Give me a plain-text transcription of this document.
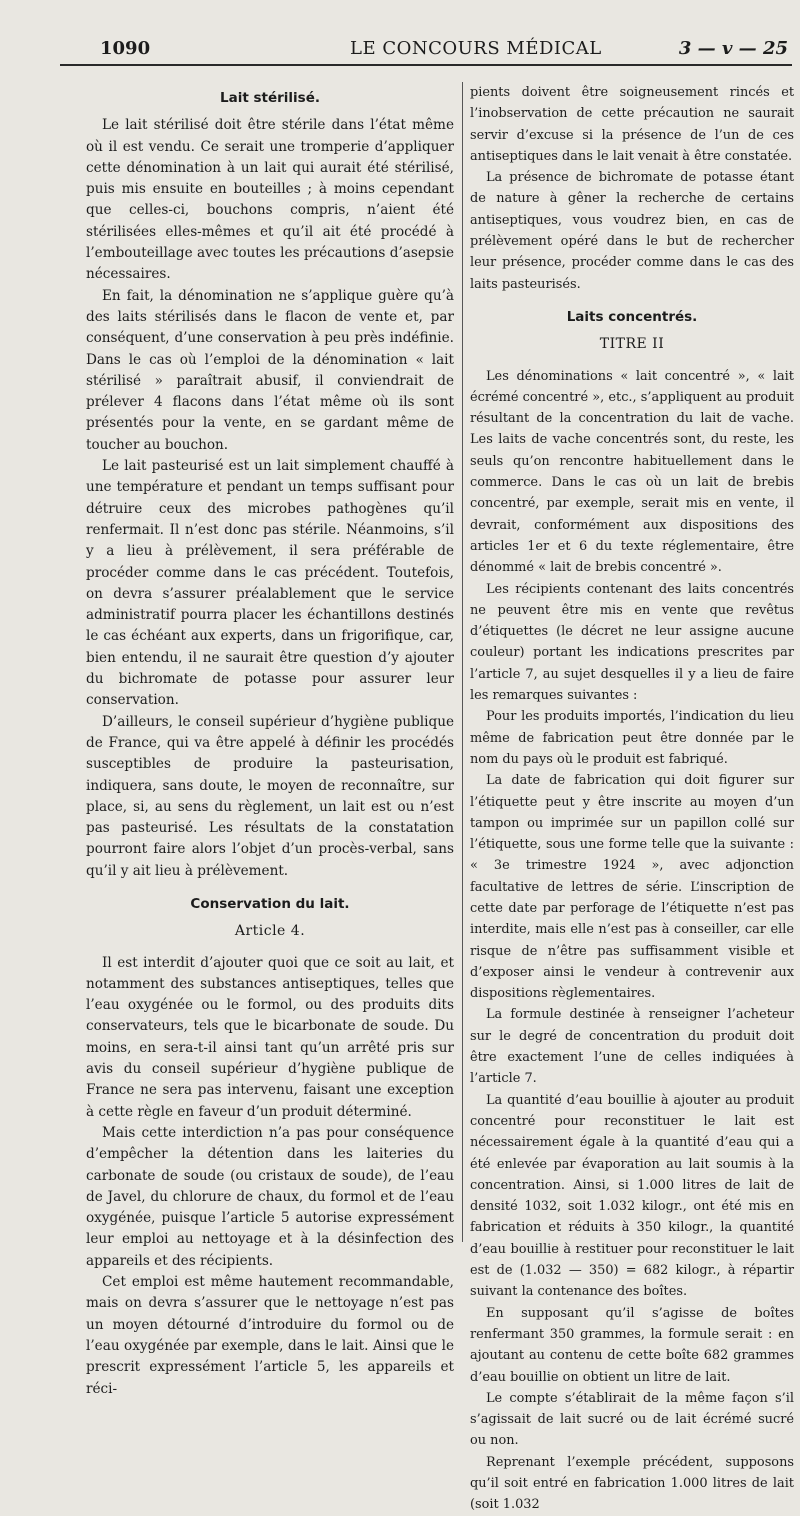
1090	LE CONCOURS MÉDICAL	3 — v — 25
Lait stérilisé.

Le lait stérilisé doit être stérile dans l’état même où il est vendu. Ce serait une tromperie d’appliquer cette dénomination à un lait qui aurait été stérilisé, puis mis ensuite en bouteilles ; à moins cependant que celles-ci, bouchons compris, n’aient été stérilisées elles-mêmes et qu’il ait été procédé à l’embouteillage avec toutes les précautions d’asepsie nécessaires.

En fait, la dénomination ne s’applique guère qu’à des laits stérilisés dans le flacon de vente et, par conséquent, d’une conservation à peu près indéfinie. Dans le cas où l’emploi de la dénomination « lait stérilisé » paraîtrait abusif, il conviendrait de prélever 4 flacons dans l’état même où ils sont présentés pour la vente, en se gardant même de toucher au bouchon.

Le lait pasteurisé est un lait simplement chauffé à une température et pendant un temps suffisant pour détruire ceux des microbes pathogènes qu’il renfermait. Il n’est donc pas stérile. Néanmoins, s’il y a lieu à prélèvement, il sera préférable de procéder comme dans le cas précédent. Toutefois, on devra s’assurer préalablement que le service administratif pourra placer les échantillons destinés le cas échéant aux experts, dans un frigorifique, car, bien entendu, il ne saurait être question d’y ajouter du bichromate de potasse pour assurer leur conservation.

D’ailleurs, le conseil supérieur d’hygiène publique de France, qui va être appelé à définir les procédés susceptibles de produire la pasteurisation, indiquera, sans doute, le moyen de reconnaître, sur place, si, au sens du règlement, un lait est ou n’est pas pasteurisé. Les résultats de la constatation pourront faire alors l’objet d’un procès-verbal, sans qu’il y ait lieu à prélèvement.

Conservation du lait.
Article 4.

Il est interdit d’ajouter quoi que ce soit au lait, et notamment des substances antiseptiques, telles que l’eau oxygénée ou le formol, ou des produits dits conservateurs, tels que le bicarbonate de soude. Du moins, en sera-t-il ainsi tant qu’un arrêté pris sur avis du conseil supérieur d’hygiène publique de France ne sera pas intervenu, faisant une exception à cette règle en faveur d’un produit déterminé.

Mais cette interdiction n’a pas pour conséquence d’empêcher la détention dans les laiteries du carbonate de soude (ou cristaux de soude), de l’eau de Javel, du chlorure de chaux, du formol et de l’eau oxygénée, puisque l’article 5 autorise expressément leur emploi au nettoyage et à la désinfection des appareils et des récipients.

Cet emploi est même hautement recommandable, mais on devra s’assurer que le nettoyage n’est pas un moyen détourné d’introduire du formol ou de l’eau oxygénée par exemple, dans le lait. Ainsi que le prescrit expressément l’article 5, les appareils et réci-

pients doivent être soigneusement rincés et l’inobservation de cette précaution ne saurait servir d’excuse si la présence de l’un de ces antiseptiques dans le lait venait à être constatée.

La présence de bichromate de potasse étant de nature à gêner la recherche de certains antiseptiques, vous voudrez bien, en cas de prélèvement opéré dans le but de rechercher leur présence, procéder comme dans le cas des laits pasteurisés.

Laits concentrés.
TITRE II

Les dénominations « lait concentré », « lait écrémé concentré », etc., s’appliquent au produit résultant de la concentration du lait de vache. Les laits de vache concentrés sont, du reste, les seuls qu’on rencontre habituellement dans le commerce. Dans le cas où un lait de brebis concentré, par exemple, serait mis en vente, il devrait, conformément aux dispositions des articles 1er et 6 du texte réglementaire, être dénommé « lait de brebis concentré ».

Les récipients contenant des laits concentrés ne peuvent être mis en vente que revêtus d’étiquettes (le décret ne leur assigne aucune couleur) portant les indications prescrites par l’article 7, au sujet desquelles il y a lieu de faire les remarques suivantes :

Pour les produits importés, l’indication du lieu même de fabrication peut être donnée par le nom du pays où le produit est fabriqué.

La date de fabrication qui doit figurer sur l’étiquette peut y être inscrite au moyen d’un tampon ou imprimée sur un papillon collé sur l’étiquette, sous une forme telle que la suivante : « 3e trimestre 1924 », avec adjonction facultative de lettres de série. L’inscription de cette date par perforage de l’étiquette n’est pas interdite, mais elle n’est pas à conseiller, car elle risque de n’être pas suffisamment visible et d’exposer ainsi le vendeur à contrevenir aux dispositions règlementaires.

La formule destinée à renseigner l’acheteur sur le degré de concentration du produit doit être exactement l’une de celles indiquées à l’article 7.

La quantité d’eau bouillie à ajouter au produit concentré pour reconstituer le lait est nécessairement égale à la quantité d’eau qui a été enlevée par évaporation au lait soumis à la concentration. Ainsi, si 1.000 litres de lait de densité 1032, soit 1.032 kilogr., ont été mis en fabrication et réduits à 350 kilogr., la quantité d’eau bouillie à restituer pour reconstituer le lait est de (1.032 — 350) = 682 kilogr., à répartir suivant la contenance des boîtes.

En supposant qu’il s’agisse de boîtes renfermant 350 grammes, la formule serait : en ajoutant au contenu de cette boîte 682 grammes d’eau bouillie on obtient un litre de lait.

Le compte s’établirait de la même façon s’il s’agissait de lait sucré ou de lait écrémé sucré ou non.

Reprenant l’exemple précédent, supposons qu’il soit entré en fabrication 1.000 litres de lait (soit 1.032
